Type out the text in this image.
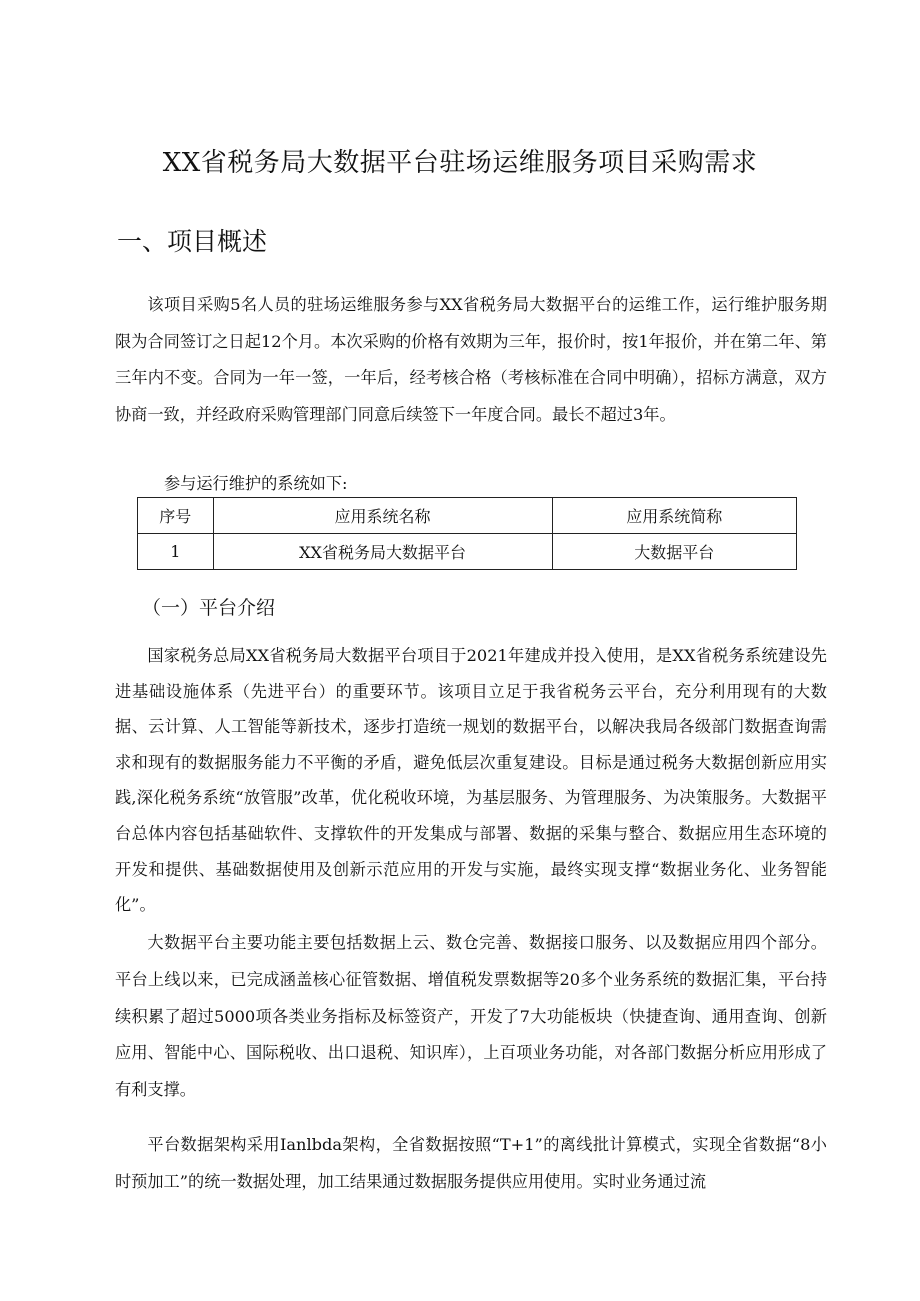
XX省税务局大数据平台驻场运维服务项目采购需求
一、项目概述

该项目采购5名人员的驻场运维服务参与XX省税务局大数据平台的运维工作，运行维护服务期限为合同签订之日起12个月。本次采购的价格有效期为三年，报价时，按1年报价，并在第二年、第三年内不变。合同为一年一签，一年后，经考核合格（考核标准在合同中明确），招标方满意，双方协商一致，并经政府采购管理部门同意后续签下一年度合同。最长不超过3年。

参与运行维护的系统如下:
序号	应用系统名称	应用系统简称
1	XX省税务局大数据平台	大数据平台
（一）平台介绍

国家税务总局XX省税务局大数据平台项目于2021年建成并投入使用，是XX省税务系统建设先进基础设施体系（先进平台）的重要环节。该项目立足于我省税务云平台，充分利用现有的大数据、云计算、人工智能等新技术，逐步打造统一规划的数据平台，以解决我局各级部门数据查询需求和现有的数据服务能力不平衡的矛盾，避免低层次重复建设。目标是通过税务大数据创新应用实践,深化税务系统“放管服”改革，优化税收环境，为基层服务、为管理服务、为决策服务。大数据平台总体内容包括基础软件、支撑软件的开发集成与部署、数据的采集与整合、数据应用生态环境的开发和提供、基础数据使用及创新示范应用的开发与实施，最终实现支撑“数据业务化、业务智能化”。

大数据平台主要功能主要包括数据上云、数仓完善、数据接口服务、以及数据应用四个部分。平台上线以来，已完成涵盖核心征管数据、增值税发票数据等20多个业务系统的数据汇集，平台持续积累了超过5000项各类业务指标及标签资产，开发了7大功能板块（快捷查询、通用查询、创新应用、智能中心、国际税收、出口退税、知识库），上百项业务功能，对各部门数据分析应用形成了有利支撑。

平台数据架构采用Ianlbda架构，全省数据按照“T+1”的离线批计算模式，实现全省数据“8小时预加工”的统一数据处理，加工结果通过数据服务提供应用使用。实时业务通过流
